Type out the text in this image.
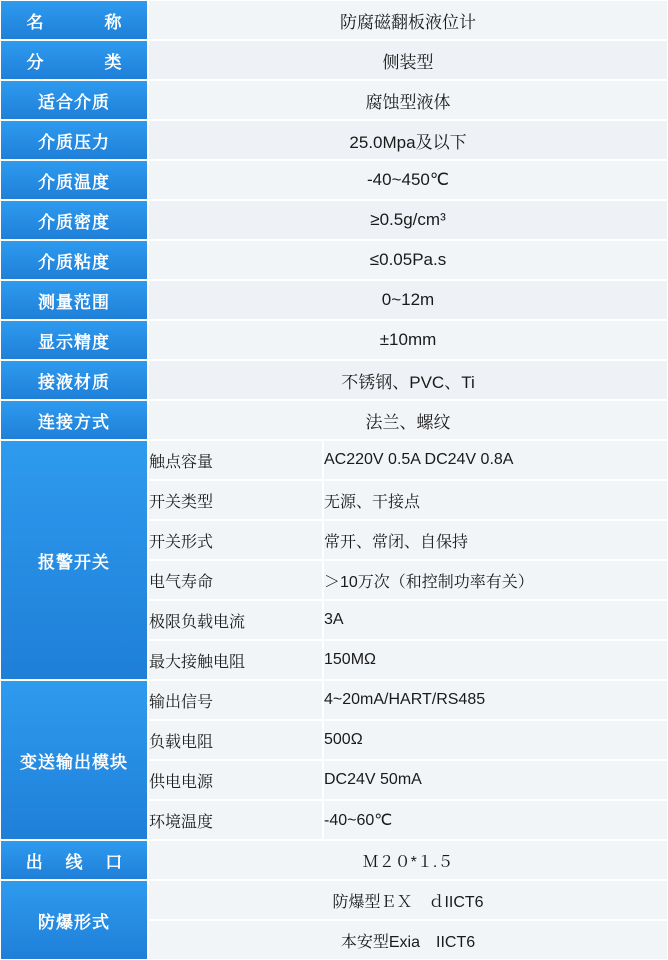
名　　称	防腐磁翻板液位计	
分　　类	侧装型	
适合介质	腐蚀型液体	
介质压力	25.0Mpa及以下	
介质温度	-40~450℃	
介质密度	≥0.5g/cm³	
介质粘度	≤0.05Pa.s	
测量范围	0~12m	
显示精度	±10mm	
接液材质	不锈钢、PVC、Ti	
连接方式	法兰、螺纹	
报警开关	触点容量	AC220V 0.5A DC24V 0.8A
	开关类型	无源、干接点
	开关形式	常开、常闭、自保持
	电气寿命	＞10万次（和控制功率有关）
	极限负载电流	3A
	最大接触电阻	150MΩ
变送输出模块	输出信号	4~20mA/HART/RS485
	负载电阻	500Ω
	供电电源	DC24V 50mA
	环境温度	-40~60℃
出 线 口	Ｍ２０*１.５	
防爆形式	防爆型ＥＸ　ｄIICT6	
	本安型Exia　IICT6	
